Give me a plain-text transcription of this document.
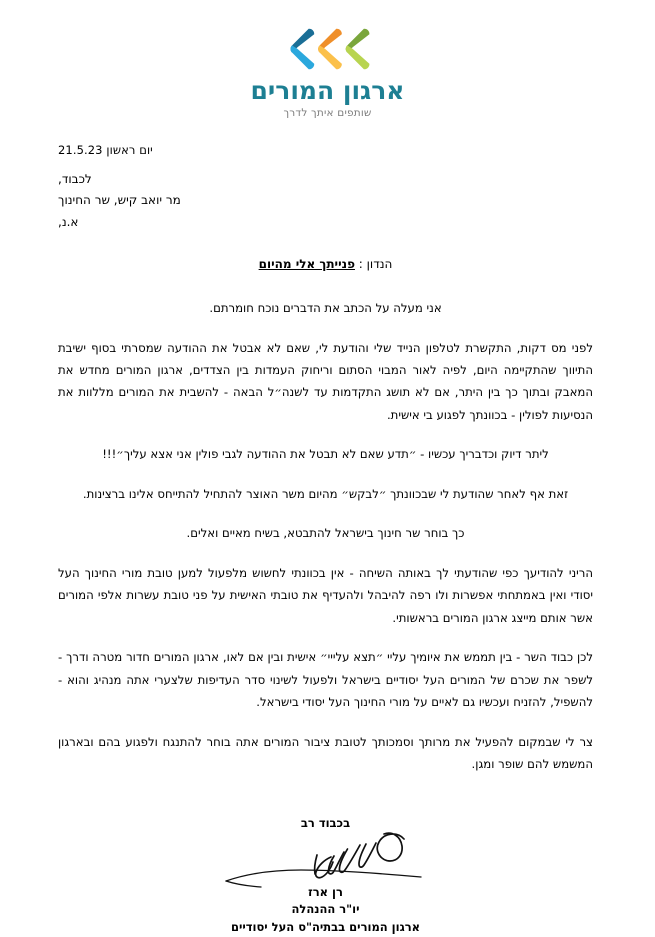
ארגון המורים
שותפים איתך לדרך
יום ראשון 21.5.23
לכבוד,
מר יואב קיש, שר החינוך
א.נ,
הנדון : פנייתך אלי מהיום

אני מעלה על הכתב את הדברים נוכח חומרתם.

לפני מס דקות, התקשרת לטלפון הנייד שלי והודעת לי, שאם לא אבטל את ההודעה שמסרתי בסוף ישיבת התיווך שהתקיימה היום, לפיה לאור המבוי הסתום וריחוק העמדות בין הצדדים, ארגון המורים מחדש את המאבק ובתוך כך בין היתר, אם לא תושג התקדמות עד לשנה״ל הבאה - להשבית את המורים מללוות את הנסיעות לפולין - בכוונתך לפגוע בי אישית.

ליתר דיוק וכדבריך עכשיו - ״תדע שאם לא תבטל את ההודעה לגבי פולין אני אצא עליך״!!!

זאת אף לאחר שהודעת לי שבכוונתך ״לבקש״ מהיום משר האוצר להתחיל להתייחס אלינו ברצינות.

כך בוחר שר חינוך בישראל להתבטא, בשיח מאיים ואלים.

הריני להודיעך כפי שהודעתי לך באותה השיחה - אין בכוונתי לחשוש מלפעול למען טובת מורי החינוך העל יסודי ואין באמתחתי אפשרות ולו רפה להיבהל ולהעדיף את טובתי האישית על פני טובת עשרות אלפי המורים אשר אותם מייצג ארגון המורים בראשותי.

לכן כבוד השר - בין תממש את איומיך עליי ״תצא עלייי״ אישית ובין אם לאו, ארגון המורים חדור מטרה ודרך - לשפר את שכרם של המורים העל יסודיים בישראל ולפעול לשינוי סדר העדיפות שלצערי אתה מנהיג והוא - להשפיל, להזניח ועכשיו גם לאיים על מורי החינוך העל יסודי בישראל.

צר לי שבמקום להפעיל את מרותך וסמכותך לטובת ציבור המורים אתה בוחר להתנגח ולפגוע בהם ובארגון המשמש להם שופר ומגן.

בכבוד רב
רן ארז
יו"ר ההנהלה
ארגון המורים בבתיה"ס העל יסודיים
